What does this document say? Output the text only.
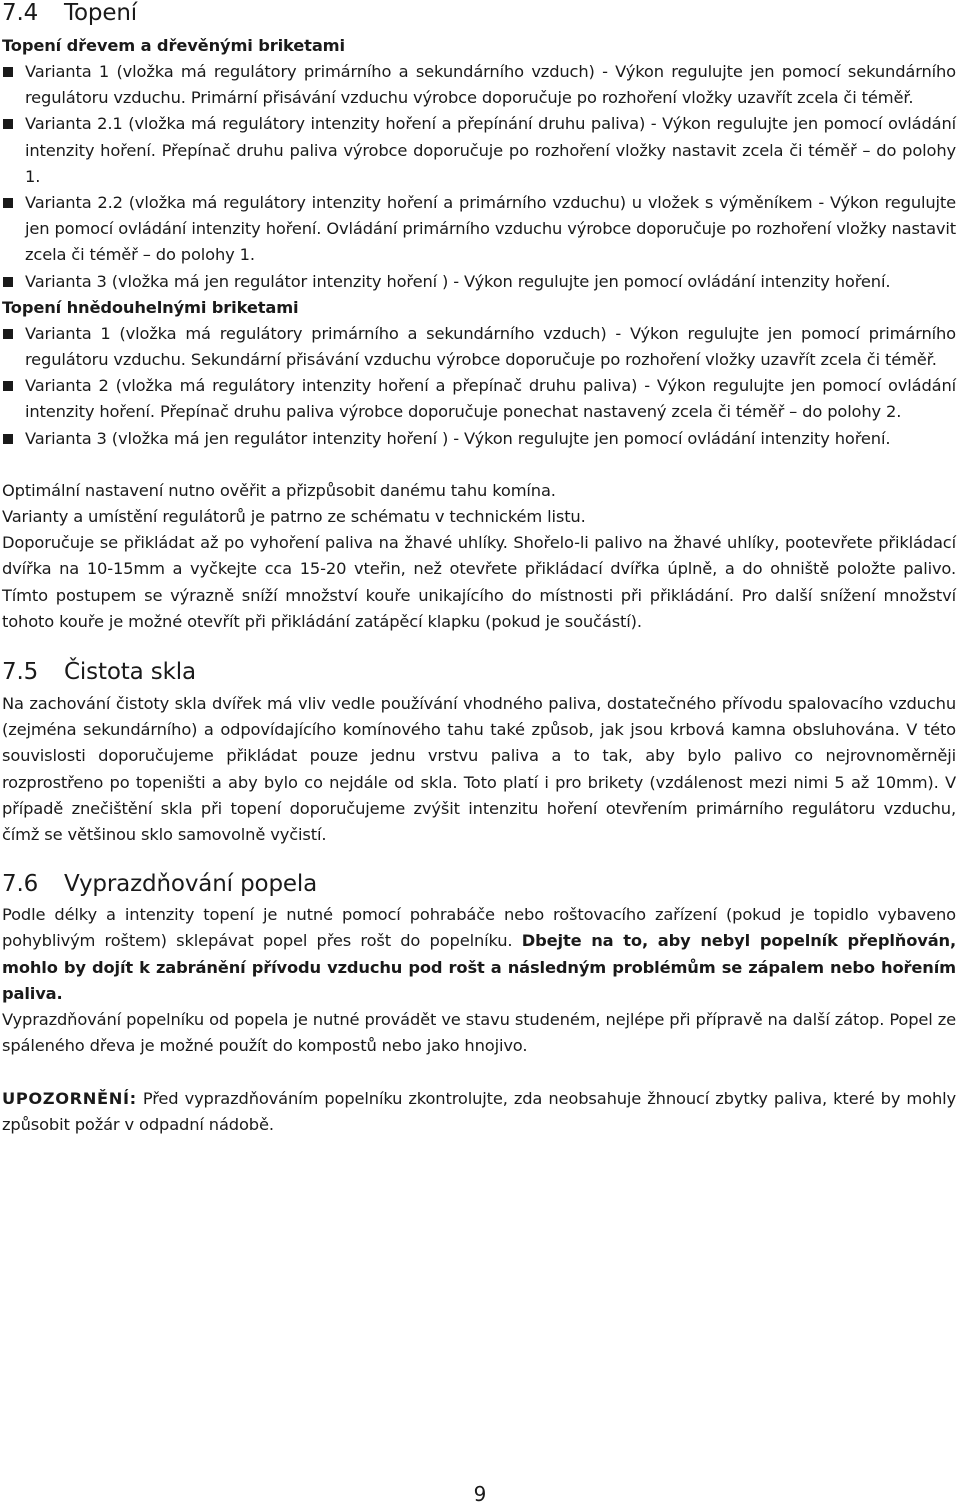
7.4	Topení

Topení dřevem a dřevěnými briketami

Varianta 1 (vložka má regulátory primárního a sekundárního vzduch) - Výkon regulujte jen pomocí sekundárního regulátoru vzduchu. Primární přisávání vzduchu výrobce doporučuje po rozhoření vložky uzavřít zcela či téměř.
Varianta 2.1 (vložka má regulátory intenzity hoření a přepínání druhu paliva) - Výkon regulujte jen pomocí ovládání intenzity hoření. Přepínač druhu paliva výrobce doporučuje po rozhoření vložky nastavit zcela či téměř – do polohy 1.
Varianta 2.2 (vložka má regulátory intenzity hoření a primárního vzduchu) u vložek s výměníkem - Výkon regulujte jen pomocí ovládání intenzity hoření. Ovládání primárního vzduchu výrobce doporučuje po rozhoření vložky nastavit zcela či téměř – do polohy 1.
Varianta 3 (vložka má jen regulátor intenzity hoření ) - Výkon regulujte jen pomocí ovládání intenzity hoření.

Topení hnědouhelnými briketami

Varianta 1 (vložka má regulátory primárního a sekundárního vzduch) - Výkon regulujte jen pomocí primárního regulátoru vzduchu. Sekundární přisávání vzduchu výrobce doporučuje po rozhoření vložky uzavřít zcela či téměř.
Varianta 2 (vložka má regulátory intenzity hoření a přepínač druhu paliva) - Výkon regulujte jen pomocí ovládání intenzity hoření. Přepínač druhu paliva výrobce doporučuje ponechat nastavený zcela či téměř – do polohy 2.
Varianta 3 (vložka má jen regulátor intenzity hoření ) - Výkon regulujte jen pomocí ovládání intenzity hoření.

Optimální nastavení nutno ověřit a přizpůsobit danému tahu komína.

Varianty a umístění regulátorů je patrno ze schématu v technickém listu.

Doporučuje se přikládat až po vyhoření paliva na žhavé uhlíky. Shořelo-li palivo na žhavé uhlíky, pootevřete přikládací dvířka na 10-15mm a vyčkejte cca 15-20 vteřin, než otevřete přikládací dvířka úplně, a do ohniště položte palivo. Tímto postupem se výrazně sníží množství kouře unikajícího do místnosti při přikládání. Pro další snížení množství tohoto kouře je možné otevřít při přikládání zatápěcí klapku (pokud je součástí).

7.5	Čistota skla

Na zachování čistoty skla dvířek má vliv vedle používání vhodného paliva, dostatečného přívodu spalovacího vzduchu (zejména sekundárního) a odpovídajícího komínového tahu také způsob, jak jsou krbová kamna obsluhována. V této souvislosti doporučujeme přikládat pouze jednu vrstvu paliva a to tak, aby bylo palivo co nejrovnoměrněji rozprostřeno po topeništi a aby bylo co nejdále od skla. Toto platí i pro brikety (vzdálenost mezi nimi 5 až 10mm). V případě znečištění skla při topení doporučujeme zvýšit intenzitu hoření otevřením primárního regulátoru vzduchu, čímž se většinou sklo samovolně vyčistí.

7.6	Vyprazdňování popela

Podle délky a intenzity topení je nutné pomocí pohrabáče nebo roštovacího zařízení (pokud je topidlo vybaveno pohyblivým roštem) sklepávat popel přes rošt do popelníku. Dbejte na to, aby nebyl popelník přeplňován, mohlo by dojít k zabránění přívodu vzduchu pod rošt a následným problémům se zápalem nebo hořením paliva.

Vyprazdňování popelníku od popela je nutné provádět ve stavu studeném, nejlépe při přípravě na další zátop. Popel ze spáleného dřeva je možné použít do kompostů nebo jako hnojivo.

UPOZORNĚNÍ: Před vyprazdňováním popelníku zkontrolujte, zda neobsahuje žhnoucí zbytky paliva, které by mohly způsobit požár v odpadní nádobě.

9
